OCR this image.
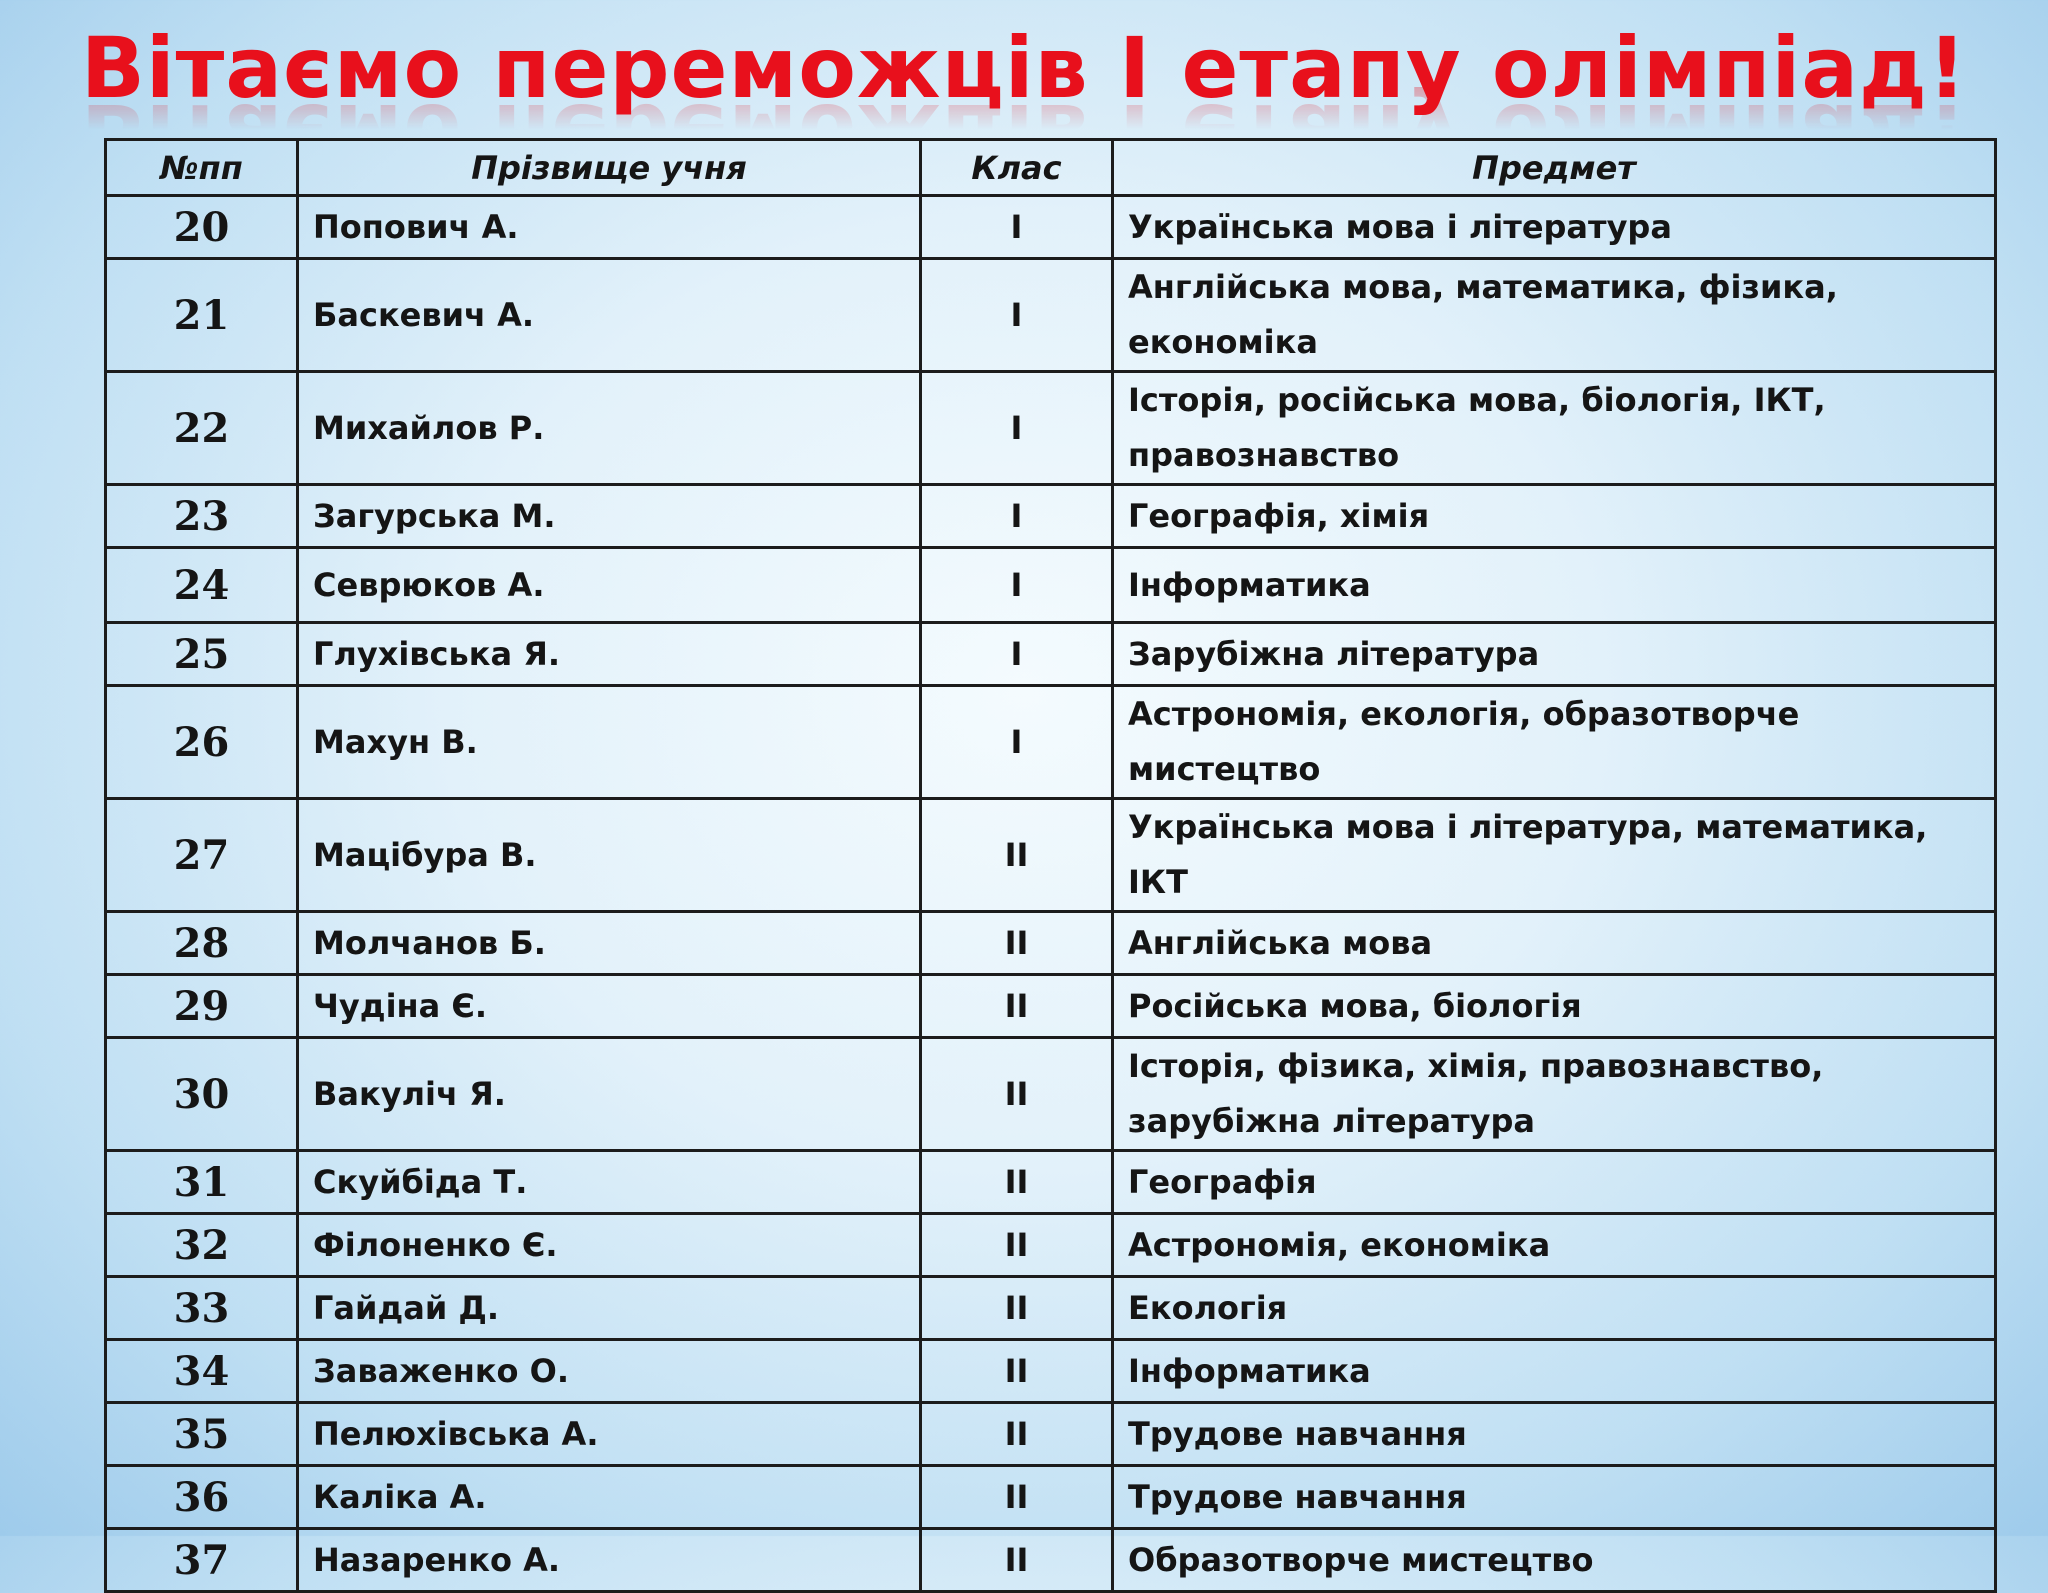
Вітаємо переможців І етапу олімпіад!
№пп	Прізвище учня	Клас	Предмет
20	Попович А.	І	Українська мова і література
21	Баскевич А.	І	Англійська мова, математика, фізика, економіка
22	Михайлов Р.	І	Історія, російська мова, біологія, ІКТ, правознавство
23	Загурська М.	І	Географія, хімія
24	Севрюков А.	І	Інформатика
25	Глухівська Я.	І	Зарубіжна література
26	Махун В.	І	Астрономія, екологія, образотворче мистецтво
27	Мацібура В.	ІІ	Українська мова і література, математика, ІКТ
28	Молчанов Б.	ІІ	Англійська мова
29	Чудіна Є.	ІІ	Російська мова, біологія
30	Вакуліч Я.	ІІ	Історія, фізика, хімія, правознавство, зарубіжна література
31	Скуйбіда Т.	ІІ	Географія
32	Філоненко Є.	ІІ	Астрономія, економіка
33	Гайдай Д.	ІІ	Екологія
34	Заваженко О.	ІІ	Інформатика
35	Пелюхівська А.	ІІ	Трудове навчання
36	Каліка А.	ІІ	Трудове навчання
37	Назаренко А.	ІІ	Образотворче мистецтво
